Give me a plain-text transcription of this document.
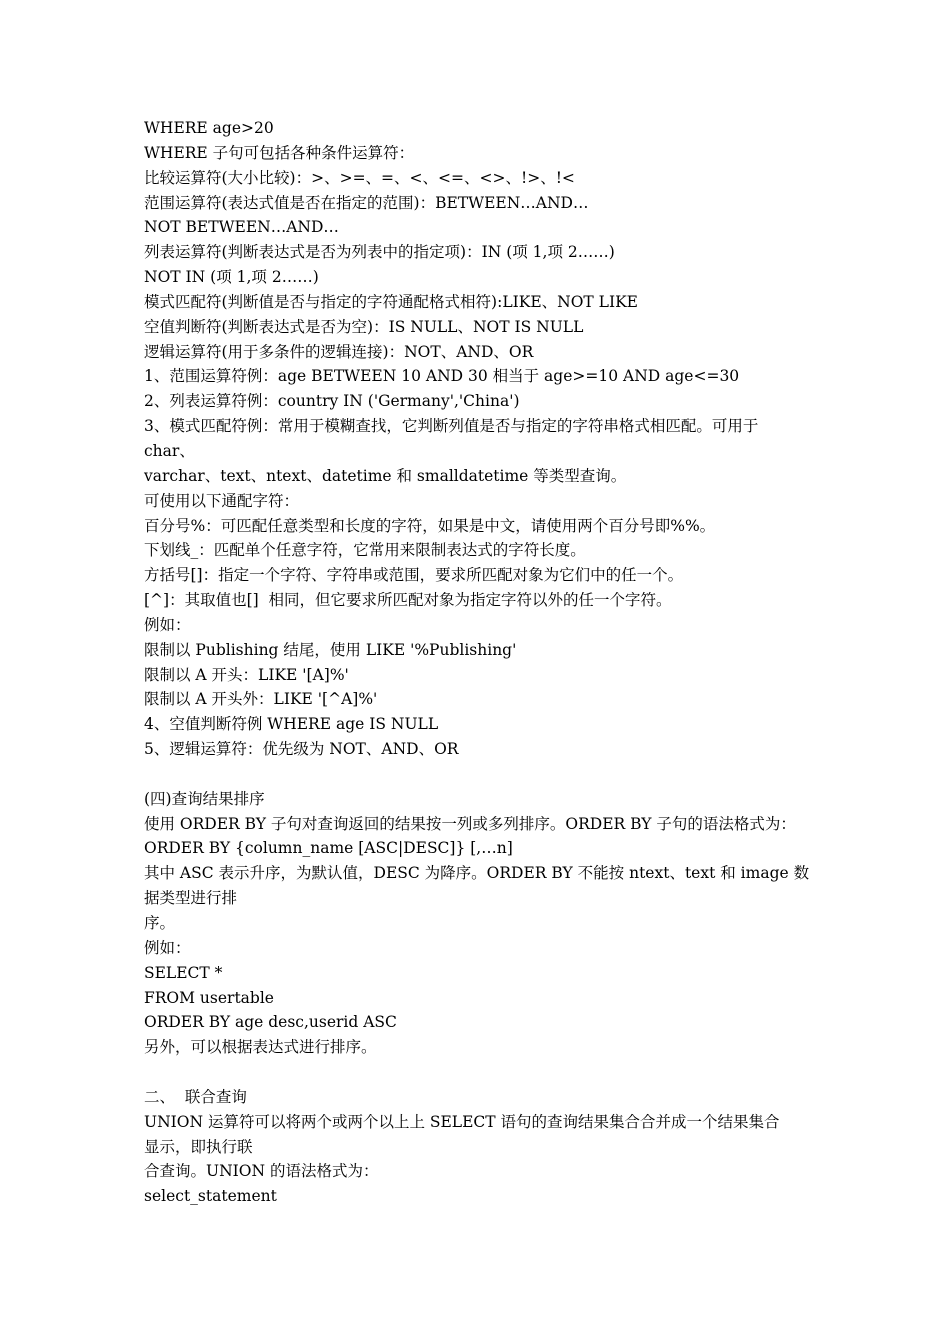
WHERE age>20
WHERE 子句可包括各种条件运算符：
比较运算符(大小比较)：>、>=、=、<、<=、<>、!>、!<
范围运算符(表达式值是否在指定的范围)：BETWEEN…AND…
NOT BETWEEN…AND…
列表运算符(判断表达式是否为列表中的指定项)：IN (项 1,项 2……)
NOT IN (项 1,项 2……)
模式匹配符(判断值是否与指定的字符通配格式相符):LIKE、NOT LIKE
空值判断符(判断表达式是否为空)：IS NULL、NOT IS NULL
逻辑运算符(用于多条件的逻辑连接)：NOT、AND、OR
1、范围运算符例：age BETWEEN 10 AND 30 相当于 age>=10 AND age<=30
2、列表运算符例：country IN ('Germany','China')
3、模式匹配符例：常用于模糊查找，它判断列值是否与指定的字符串格式相匹配。可用于
char、
varchar、text、ntext、datetime 和 smalldatetime 等类型查询。
可使用以下通配字符：
百分号%：可匹配任意类型和长度的字符，如果是中文，请使用两个百分号即%%。
下划线_：匹配单个任意字符，它常用来限制表达式的字符长度。
方括号[]：指定一个字符、字符串或范围，要求所匹配对象为它们中的任一个。
[^]：其取值也[]  相同，但它要求所匹配对象为指定字符以外的任一个字符。
例如：
限制以 Publishing 结尾，使用 LIKE '%Publishing'
限制以 A 开头：LIKE '[A]%'
限制以 A 开头外：LIKE '[^A]%'
4、空值判断符例 WHERE age IS NULL
5、逻辑运算符：优先级为 NOT、AND、OR
(四)查询结果排序
使用 ORDER BY 子句对查询返回的结果按一列或多列排序。ORDER BY 子句的语法格式为：
ORDER BY {column_name [ASC|DESC]} [,…n]
其中 ASC 表示升序，为默认值，DESC 为降序。ORDER BY 不能按 ntext、text 和 image 数
据类型进行排
序。
例如：
SELECT *
FROM usertable
ORDER BY age desc,userid ASC
另外，可以根据表达式进行排序。
二、  联合查询
UNION 运算符可以将两个或两个以上上 SELECT 语句的查询结果集合合并成一个结果集合
显示，即执行联
合查询。UNION 的语法格式为：
select_statement
